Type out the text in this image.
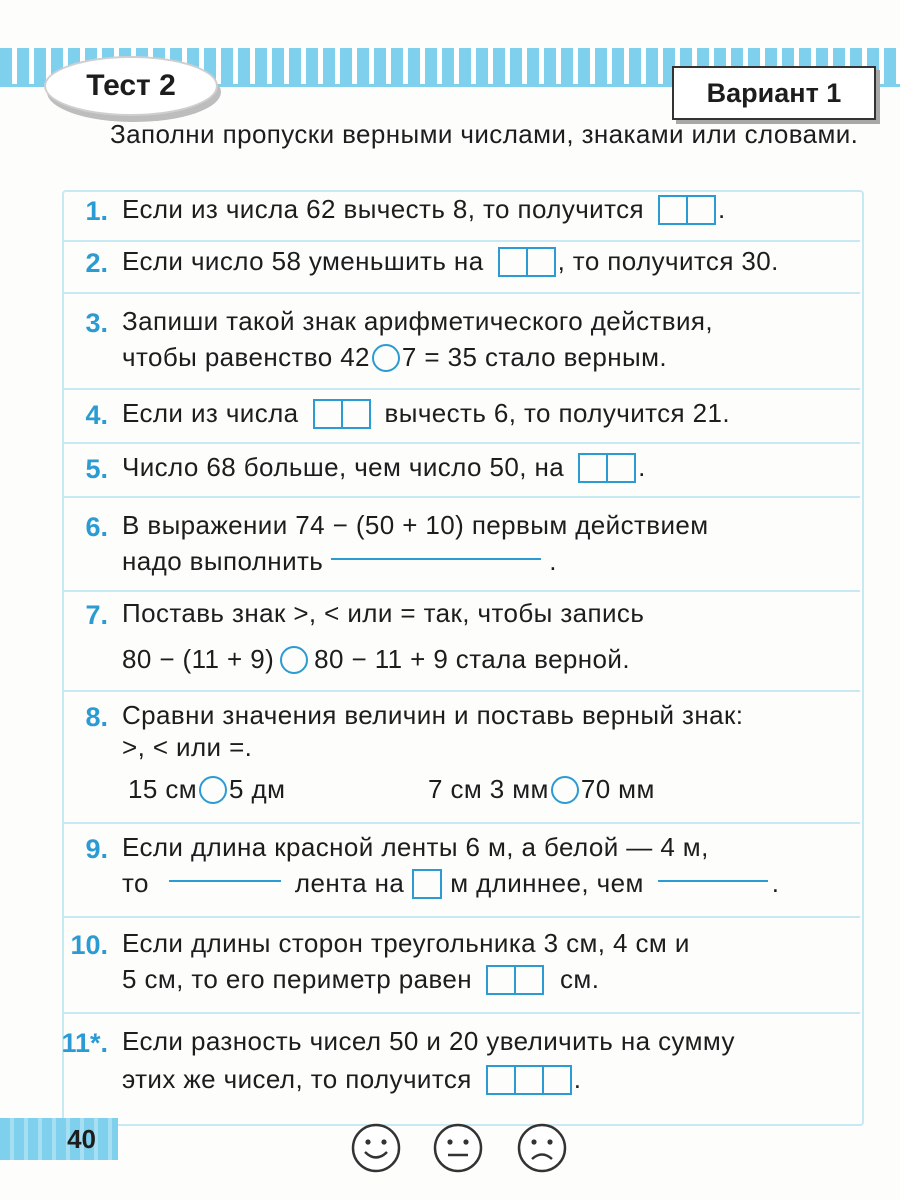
Тест 2	Вариант 1
Заполни пропуски верными числами, знаками или словами.
1. Если из числа 62 вычесть 8, то получится	.
2. Если число 58 уменьшить на	, то получится 30.
3. Запиши такой знак арифметического действия,
чтобы равенство 42 7 = 35 стало верным.
4. Если из числа	вычесть 6, то получится 21.
5. Число 68 больше, чем число 50, на	.
6. В выражении 74 − (50 + 10) первым действием
надо выполнить	.
7. Поставь знак >, < или = так, чтобы запись
80 − (11 + 9) 80 − 11 + 9 стала верной.
8. Сравни значения величин и поставь верный знак:
>, < или =.
15 см 5 дм	7 см 3 мм 70 мм
9. Если длина красной ленты 6 м, а белой — 4 м,
то	лента на м длиннее, чем	.
10. Если длины сторон треугольника 3 см, 4 см и
5 см, то его периметр равен	см.
11*. Если разность чисел 50 и 20 увеличить на сумму
этих же чисел, то получится	.
40
